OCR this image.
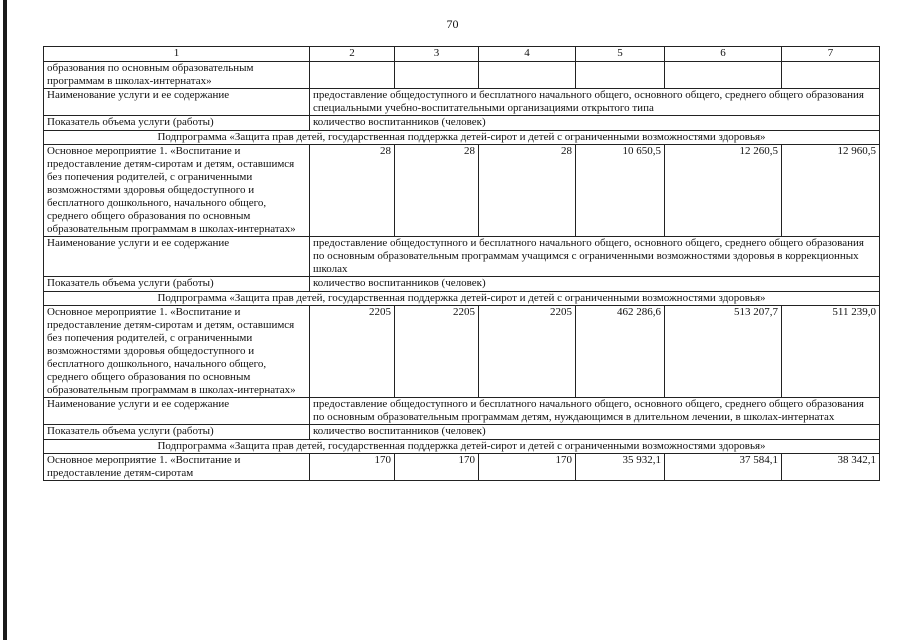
70
1	2	3	4	5	6	7
образования по основным образовательным программам в школах-интернатах»						
Наименование услуги и ее содержание	предоставление общедоступного и бесплатного начального общего, основного общего, среднего общего образования специальными учебно-воспитательными организациями открытого типа					
Показатель объема услуги (работы)	количество воспитанников (человек)					
Подпрограмма «Защита прав детей, государственная поддержка детей-сирот и детей с ограниченными возможностями здоровья»						
Основное мероприятие 1. «Воспитание и предоставление детям-сиротам и детям, оставшимся без попечения родителей, с ограниченными возможностями здоровья общедоступного и бесплатного дошкольного, начального общего, среднего общего образования по основным образовательным программам в школах-интернатах»	28	28	28	10 650,5	12 260,5	12 960,5
Наименование услуги и ее содержание	предоставление общедоступного и бесплатного начального общего, основного общего, среднего общего образования по основным образовательным программам учащимся с ограниченными возможностями здоровья в коррекционных школах					
Показатель объема услуги (работы)	количество воспитанников (человек)					
Подпрограмма «Защита прав детей, государственная поддержка детей-сирот и детей с ограниченными возможностями здоровья»						
Основное мероприятие 1. «Воспитание и предоставление детям-сиротам и детям, оставшимся без попечения родителей, с ограниченными возможностями здоровья общедоступного и бесплатного дошкольного, начального общего, среднего общего образования по основным образовательным программам в школах-интернатах»	2205	2205	2205	462 286,6	513 207,7	511 239,0
Наименование услуги и ее содержание	предоставление общедоступного и бесплатного начального общего, основного общего, среднего общего образования по основным образовательным программам детям, нуждающимся в длительном лечении, в школах-интернатах					
Показатель объема услуги (работы)	количество воспитанников (человек)					
Подпрограмма «Защита прав детей, государственная поддержка детей-сирот и детей с ограниченными возможностями здоровья»						
Основное мероприятие 1. «Воспитание и предоставление детям-сиротам	170	170	170	35 932,1	37 584,1	38 342,1
